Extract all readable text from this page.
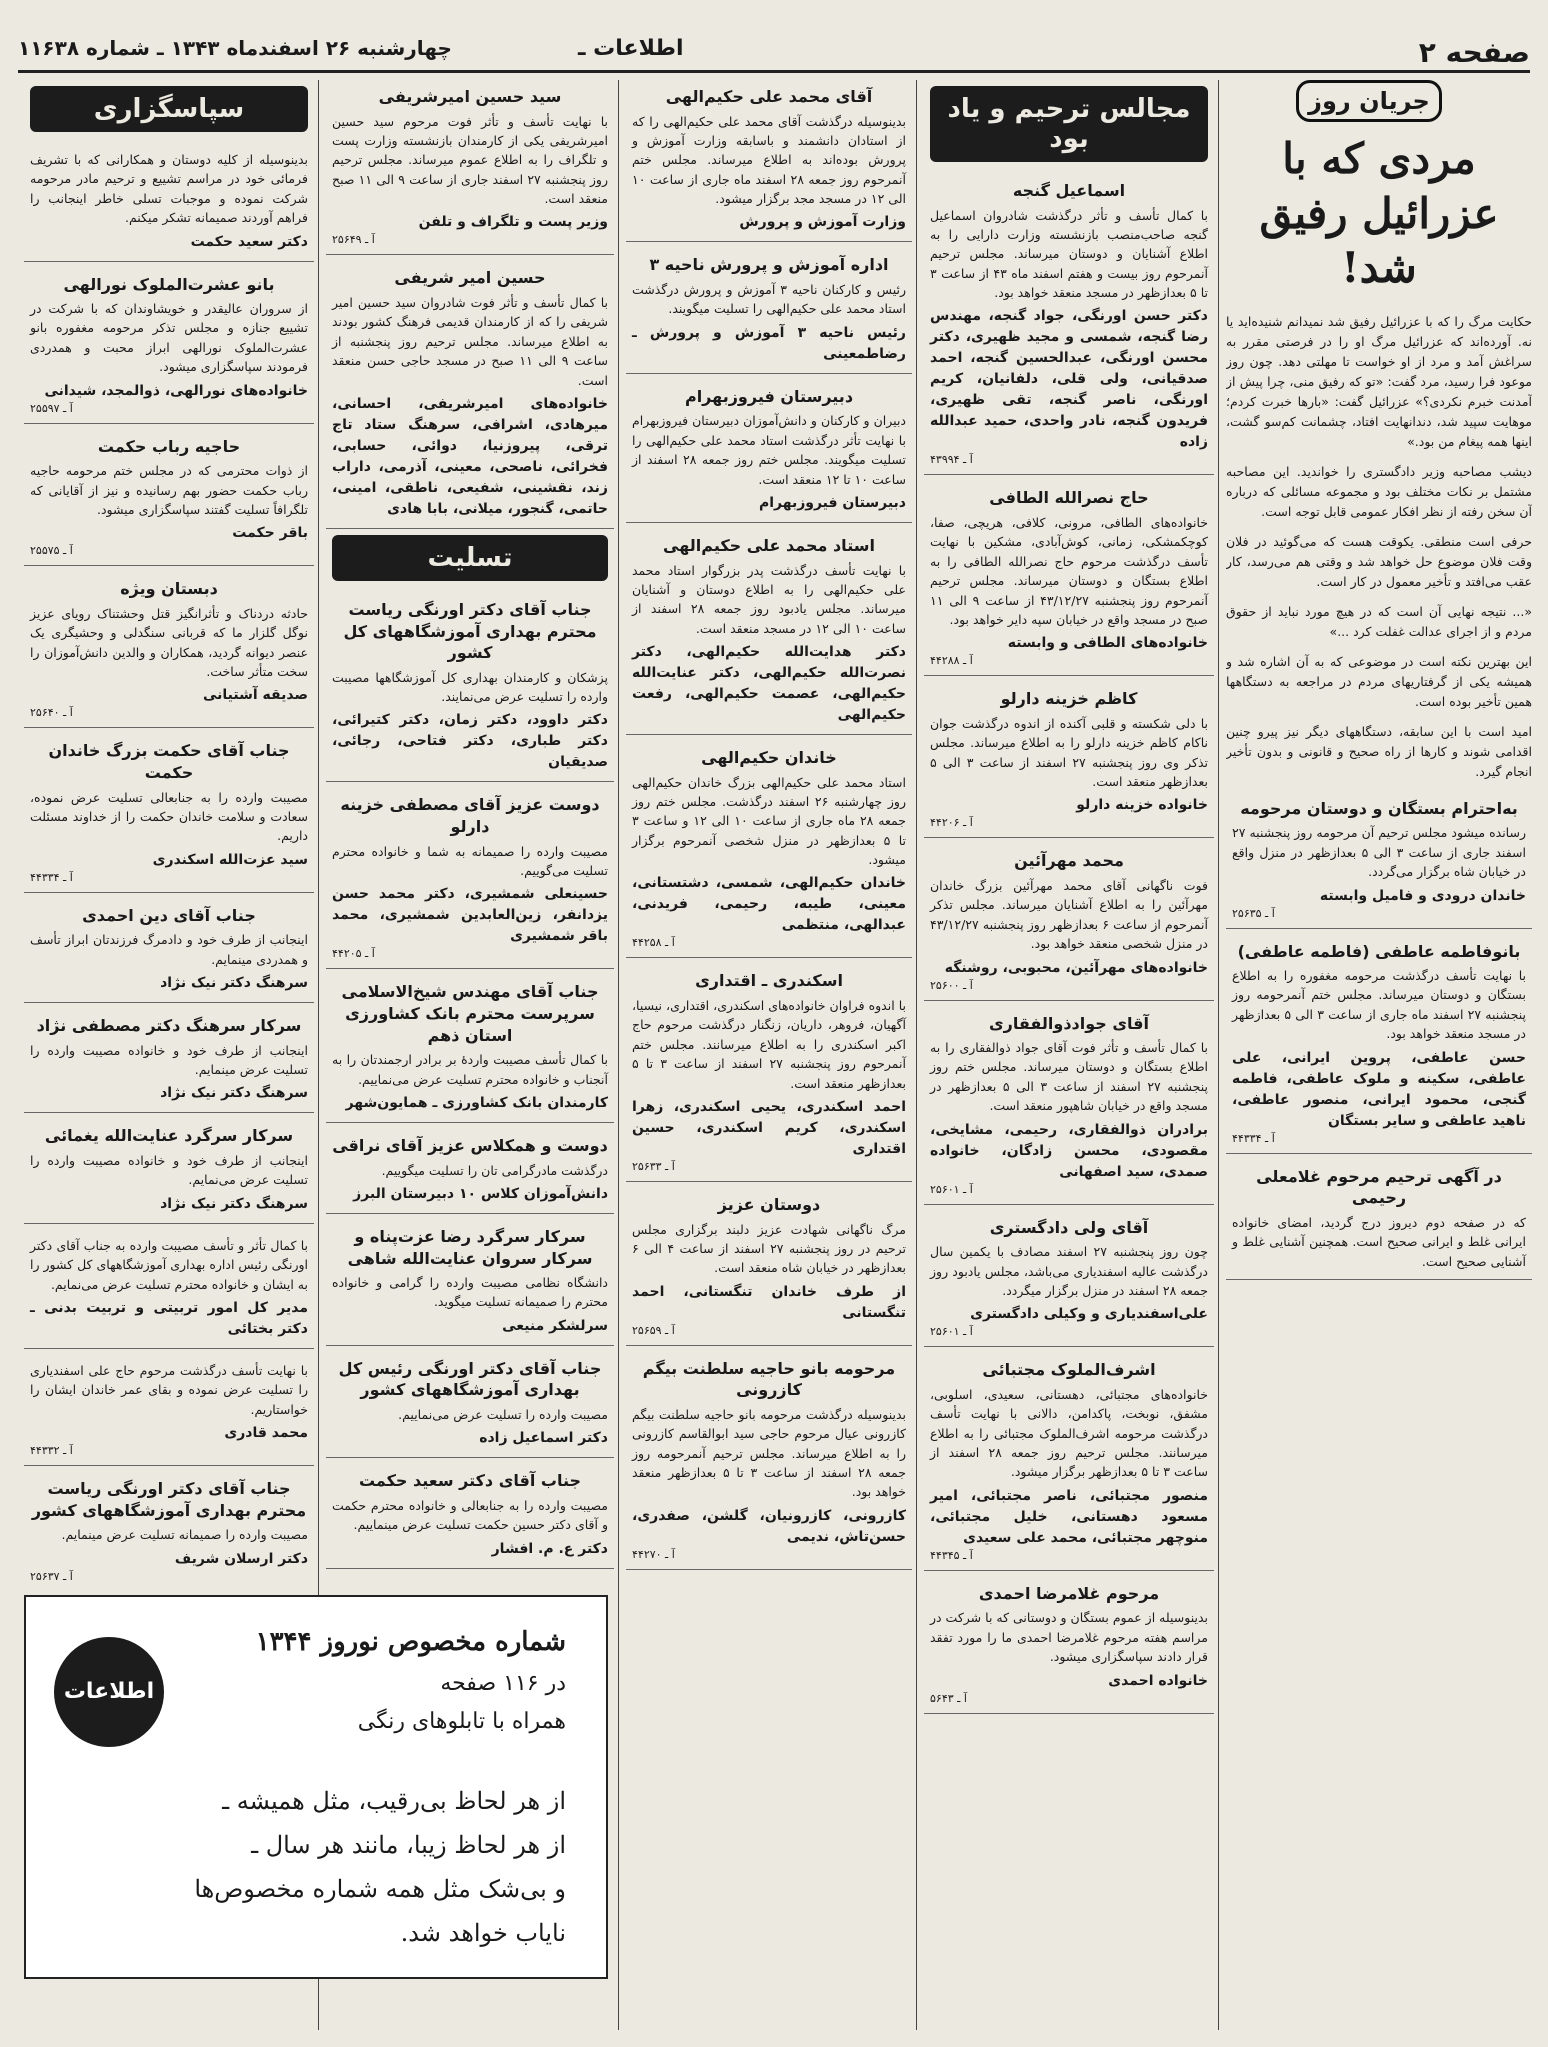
صفحه ۲
اطلاعات ـ
چهارشنبه ۲۶ اسفندماه ۱۳۴۳ ـ شماره ۱۱۶۳۸
جریان روز
مردی که با عزرائیل رفیق شد!

حکایت مرگ را که با عزرائیل رفیق شد نمیدانم شنیده‌اید یا نه. آورده‌اند که عزرائیل مرگ او را در فرصتی مقرر به سراغش آمد و مرد از او خواست تا مهلتی دهد. چون روز موعود فرا رسید، مرد گفت: «تو که رفیق منی، چرا پیش از آمدنت خبرم نکردی؟» عزرائیل گفت: «بارها خبرت کردم؛ موهایت سپید شد، دندانهایت افتاد، چشمانت کم‌سو گشت، اینها همه پیغام من بود.»

دیشب مصاحبه وزیر دادگستری را خواندید. این مصاحبه مشتمل بر نکات مختلف بود و مجموعه مسائلی که درباره آن سخن رفته از نظر افکار عمومی قابل توجه است.

حرفی است منطقی. یکوقت هست که می‌گوئید در فلان وقت فلان موضوع حل خواهد شد و وقتی هم می‌رسد، کار عقب می‌افتد و تأخیر معمول در کار است.

«... نتیجه نهایی آن است که در هیچ مورد نباید از حقوق مردم و از اجرای عدالت غفلت کرد ...»

این بهترین نکته است در موضوعی که به آن اشاره شد و همیشه یکی از گرفتاریهای مردم در مراجعه به دستگاهها همین تأخیر بوده است.

امید است با این سابقه، دستگاههای دیگر نیز پیرو چنین اقدامی شوند و کارها از راه صحیح و قانونی و بدون تأخیر انجام گیرد.

به‌احترام بستگان و دوستان مرحومه
رسانده میشود مجلس ترحیم آن مرحومه روز پنجشنبه ۲۷ اسفند جاری از ساعت ۳ الی ۵ بعدازظهر در منزل واقع در خیابان شاه برگزار می‌گردد.
خاندان درودی و فامیل وابسته
آ ـ ۲۵۶۳۵
بانوفاطمه عاطفی (فاطمه عاطفی)
با نهایت تأسف درگذشت مرحومه مغفوره را به اطلاع بستگان و دوستان میرساند. مجلس ختم آنمرحومه روز پنجشنبه ۲۷ اسفند ماه جاری از ساعت ۳ الی ۵ بعدازظهر در مسجد منعقد خواهد بود.
حسن عاطفی، پروین ایرانی، علی عاطفی، سکینه و ملوک عاطفی، فاطمه گنجی، محمود ایرانی، منصور عاطفی، ناهید عاطفی و سایر بستگان
آ ـ ۴۴۳۳۴
در آگهی ترحیم مرحوم غلامعلی رحیمی
که در صفحه دوم دیروز درج گردید، امضای خانواده ایرانی غلط و ایرانی صحیح است. همچنین آشنایی غلط و آشنایی صحیح است.
مجالس ترحیم و یاد بود
اسماعیل گنجه
با کمال تأسف و تأثر درگذشت شادروان اسماعیل گنجه صاحب‌منصب بازنشسته وزارت دارایی را به اطلاع آشنایان و دوستان میرساند. مجلس ترحیم آنمرحوم روز بیست و هفتم اسفند ماه ۴۳ از ساعت ۳ تا ۵ بعدازظهر در مسجد منعقد خواهد بود.
دکتر حسن اورنگی، جواد گنجه، مهندس رضا گنجه، شمسی و مجید ظهیری، دکتر محسن اورنگی، عبدالحسین گنجه، احمد صدقیانی، ولی قلی، دلفانیان، کریم اورنگی، ناصر گنجه، تقی ظهیری، فریدون گنجه، نادر واحدی، حمید عبدالله زاده
آ ـ ۴۳۹۹۴
حاج نصرالله الطافی
خانواده‌های الطافی، مرونی، کلافی، هریچی، صفا، کوچکمشکی، زمانی، کوش‌آبادی، مشکین با نهایت تأسف درگذشت مرحوم حاج نصرالله الطافی را به اطلاع بستگان و دوستان میرساند. مجلس ترحیم آنمرحوم روز پنجشنبه ۴۳/۱۲/۲۷ از ساعت ۹ الی ۱۱ صبح در مسجد واقع در خیابان سپه دایر خواهد بود.
خانواده‌های الطافی و وابسته
آ ـ ۴۴۲۸۸
کاظم خزینه دارلو
با دلی شکسته و قلبی آکنده از اندوه درگذشت جوان ناکام کاظم خزینه دارلو را به اطلاع میرساند. مجلس تذکر وی روز پنجشنبه ۲۷ اسفند از ساعت ۳ الی ۵ بعدازظهر منعقد است.
خانواده خزینه دارلو
آ ـ ۴۴۲۰۶
محمد مهرآئین
فوت ناگهانی آقای محمد مهرآئین بزرگ خاندان مهرآئین را به اطلاع آشنایان میرساند. مجلس تذکر آنمرحوم از ساعت ۶ بعدازظهر روز پنجشنبه ۴۳/۱۲/۲۷ در منزل شخصی منعقد خواهد بود.
خانواده‌های مهرآئین، محبوبی، روشنگه
آ ـ ۲۵۶۰۰
آقای جوادذوالفقاری
با کمال تأسف و تأثر فوت آقای جواد ذوالفقاری را به اطلاع بستگان و دوستان میرساند. مجلس ختم روز پنجشنبه ۲۷ اسفند از ساعت ۳ الی ۵ بعدازظهر در مسجد واقع در خیابان شاهپور منعقد است.
برادران ذوالفقاری، رحیمی، مشایخی، مقصودی، محسن زادگان، خانواده صمدی، سید اصفهانی
آ ـ ۲۵۶۰۱
آقای ولی دادگستری
چون روز پنجشنبه ۲۷ اسفند مصادف با یکمین سال درگذشت عالیه اسفندیاری می‌باشد، مجلس یادبود روز جمعه ۲۸ اسفند در منزل برگزار میگردد.
علی‌اسفندیاری و وکیلی دادگستری
آ ـ ۲۵۶۰۱
اشرف‌الملوک مجتبائی
خانواده‌های مجتبائی، دهستانی، سعیدی، اسلوبی، مشفق، نوبخت، پاکدامن، دالانی با نهایت تأسف درگذشت مرحومه اشرف‌الملوک مجتبائی را به اطلاع میرسانند. مجلس ترحیم روز جمعه ۲۸ اسفند از ساعت ۳ تا ۵ بعدازظهر برگزار میشود.
منصور مجتبائی، ناصر مجتبائی، امیر مسعود دهستانی، خلیل مجتبائی، منوچهر مجتبائی، محمد علی سعیدی
آ ـ ۴۴۳۴۵
مرحوم غلامرضا احمدی
بدینوسیله از عموم بستگان و دوستانی که با شرکت در مراسم هفته مرحوم غلامرضا احمدی ما را مورد تفقد قرار دادند سپاسگزاری میشود.
خانواده احمدی
آ ـ ۵۶۴۳
آقای محمد علی حکیم‌الهی
بدینوسیله درگذشت آقای محمد علی حکیم‌الهی را که از استادان دانشمند و باسابقه وزارت آموزش و پرورش بوده‌اند به اطلاع میرساند. مجلس ختم آنمرحوم روز جمعه ۲۸ اسفند ماه جاری از ساعت ۱۰ الی ۱۲ در مسجد مجد برگزار میشود.
وزارت آموزش و پرورش
اداره آموزش و پرورش ناحیه ۳
رئیس و کارکنان ناحیه ۳ آموزش و پرورش درگذشت استاد محمد علی حکیم‌الهی را تسلیت میگویند.
رئیس ناحیه ۳ آموزش و پرورش ـ رضاطمعینی
دبیرستان فیروزبهرام
دبیران و کارکنان و دانش‌آموزان دبیرستان فیروزبهرام با نهایت تأثر درگذشت استاد محمد علی حکیم‌الهی را تسلیت میگویند. مجلس ختم روز جمعه ۲۸ اسفند از ساعت ۱۰ تا ۱۲ منعقد است.
دبیرستان فیروزبهرام
استاد محمد علی حکیم‌الهی
با نهایت تأسف درگذشت پدر بزرگوار استاد محمد علی حکیم‌الهی را به اطلاع دوستان و آشنایان میرساند. مجلس یادبود روز جمعه ۲۸ اسفند از ساعت ۱۰ الی ۱۲ در مسجد منعقد است.
دکتر هدایت‌الله حکیم‌الهی، دکتر نصرت‌الله حکیم‌الهی، دکتر عنایت‌الله حکیم‌الهی، عصمت حکیم‌الهی، رفعت حکیم‌الهی
خاندان حکیم‌الهی
استاد محمد علی حکیم‌الهی بزرگ خاندان حکیم‌الهی روز چهارشنبه ۲۶ اسفند درگذشت. مجلس ختم روز جمعه ۲۸ ماه جاری از ساعت ۱۰ الی ۱۲ و ساعت ۳ تا ۵ بعدازظهر در منزل شخصی آنمرحوم برگزار میشود.
خاندان حکیم‌الهی، شمسی، دشتستانی، معینی، طیبه، رحیمی، فریدنی، عبدالهی، منتظمی
آ ـ ۴۴۲۵۸
اسکندری ـ اقتداری
با اندوه فراوان خانواده‌های اسکندری، اقتداری، نیسیا، آگهیان، فروهر، داریان، زنگنار درگذشت مرحوم حاج اکبر اسکندری را به اطلاع میرسانند. مجلس ختم آنمرحوم روز پنجشنبه ۲۷ اسفند از ساعت ۳ تا ۵ بعدازظهر منعقد است.
احمد اسکندری، یحیی اسکندری، زهرا اسکندری، کریم اسکندری، حسین اقتداری
آ ـ ۲۵۶۳۳
دوستان عزیز
مرگ ناگهانی شهادت عزیز دلبند برگزاری مجلس ترحیم در روز پنجشنبه ۲۷ اسفند از ساعت ۴ الی ۶ بعدازظهر در خیابان شاه منعقد است.
از طرف خاندان تنگستانی، احمد تنگستانی
آ ـ ۲۵۶۵۹
مرحومه بانو حاجیه سلطنت بیگم کازرونی
بدینوسیله درگذشت مرحومه بانو حاجیه سلطنت بیگم کازرونی عیال مرحوم حاجی سید ابوالقاسم کازرونی را به اطلاع میرساند. مجلس ترحیم آنمرحومه روز جمعه ۲۸ اسفند از ساعت ۳ تا ۵ بعدازظهر منعقد خواهد بود.
کازرونی، کازرونیان، گلشن، صفدری، حسن‌تاش، ندیمی
آ ـ ۴۴۲۷۰
سید حسین امیرشریفی
با نهایت تأسف و تأثر فوت مرحوم سید حسین امیرشریفی یکی از کارمندان بازنشسته وزارت پست و تلگراف را به اطلاع عموم میرساند. مجلس ترحیم روز پنجشنبه ۲۷ اسفند جاری از ساعت ۹ الی ۱۱ صبح منعقد است.
وزیر پست و تلگراف و تلفن
آ ـ ۲۵۶۴۹
حسین امیر شریفی
با کمال تأسف و تأثر فوت شادروان سید حسین امیر شریفی را که از کارمندان قدیمی فرهنگ کشور بودند به اطلاع میرساند. مجلس ترحیم روز پنجشنبه از ساعت ۹ الی ۱۱ صبح در مسجد حاجی حسن منعقد است.
خانواده‌های امیرشریفی، احسانی، میرهادی، اشرافی، سرهنگ ستاد تاج ترقی، پیروزنیا، دوائی، حسابی، فخرائی، ناصحی، معینی، آذرمی، داراب زند، نقشینی، شفیعی، ناطقی، امینی، حاتمی، گنجور، میلانی، بابا هادی
تسلیت
جناب آقای دکتر اورنگی ریاست محترم بهداری آموزشگاههای کل کشور
پزشکان و کارمندان بهداری کل آموزشگاهها مصیبت وارده را تسلیت عرض می‌نمایند.
دکتر داوود، دکتر زمان، دکتر کتیرائی، دکتر طباری، دکتر فتاحی، رجائی، صدیقیان
دوست عزیز آقای مصطفی خزینه دارلو
مصیبت وارده را صمیمانه به شما و خانواده محترم تسلیت می‌گوییم.
حسینعلی شمشیری، دکتر محمد حسن یزدانفر، زین‌العابدین شمشیری، محمد باقر شمشیری
آ ـ ۴۴۲۰۵
جناب آقای مهندس شیخ‌الاسلامی سرپرست محترم بانک کشاورزی استان ذهم
با کمال تأسف مصیبت واردهٔ بر برادر ارجمندتان را به آنجناب و خانواده محترم تسلیت عرض می‌نماییم.
کارمندان بانک کشاورزی ـ همایون‌شهر
دوست و همکلاس عزیز آقای نراقی
درگذشت مادرگرامی تان را تسلیت میگوییم.
دانش‌آموزان کلاس ۱۰ دبیرستان البرز
سرکار سرگرد رضا عزت‌پناه و سرکار سروان عنایت‌الله شاهی
دانشگاه نظامی مصیبت وارده را گرامی و خانواده محترم را صمیمانه تسلیت میگوید.
سرلشکر منیعی
جناب آقای دکتر اورنگی رئیس کل بهداری آموزشگاههای کشور
مصیبت وارده را تسلیت عرض می‌نماییم.
دکتر اسماعیل زاده
جناب آقای دکتر سعید حکمت
مصیبت وارده را به جنابعالی و خانواده محترم حکمت و آقای دکتر حسین حکمت تسلیت عرض مینماییم.
دکتر ع. م. افشار
سپاسگزاری
بدینوسیله از کلیه دوستان و همکارانی که با تشریف فرمائی خود در مراسم تشییع و ترحیم مادر مرحومه شرکت نموده و موجبات تسلی خاطر اینجانب را فراهم آوردند صمیمانه تشکر میکنم.
دکتر سعید حکمت
بانو عشرت‌الملوک نورالهی
از سروران عالیقدر و خویشاوندان که با شرکت در تشییع جنازه و مجلس تذکر مرحومه مغفوره بانو عشرت‌الملوک نورالهی ابراز محبت و همدردی فرمودند سپاسگزاری میشود.
خانواده‌های نورالهی، ذوالمجد، شیدانی
آ ـ ۲۵۵۹۷
حاجیه رباب حکمت
از ذوات محترمی که در مجلس ختم مرحومه حاجیه رباب حکمت حضور بهم رسانیده و نیز از آقایانی که تلگرافاً تسلیت گفتند سپاسگزاری میشود.
باقر حکمت
آ ـ ۲۵۵۷۵
دبستان ویژه
حادثه دردناک و تأثرانگیز قتل وحشتناک رویای عزیز نوگل گلزار ما که قربانی سنگدلی و وحشیگری یک عنصر دیوانه گردید، همکاران و والدین دانش‌آموزان را سخت متأثر ساخت.
صدیقه آشتیانی
آ ـ ۲۵۶۴۰
جناب آقای حکمت بزرگ خاندان حکمت
مصیبت وارده را به جنابعالی تسلیت عرض نموده، سعادت و سلامت خاندان حکمت را از خداوند مسئلت داریم.
سید عزت‌الله اسکندری
آ ـ ۴۴۳۳۴
جناب آقای دین احمدی
اینجانب از طرف خود و دادمرگ فرزندتان ابراز تأسف و همدردی مینمایم.
سرهنگ دکتر نیک نژاد
سرکار سرهنگ دکتر مصطفی نژاد
اینجانب از طرف خود و خانواده مصیبت وارده را تسلیت عرض مینمایم.
سرهنگ دکتر نیک نژاد
سرکار سرگرد عنایت‌الله یغمائی
اینجانب از طرف خود و خانواده مصیبت وارده را تسلیت عرض می‌نمایم.
سرهنگ دکتر نیک نژاد
با کمال تأثر و تأسف مصیبت وارده به جناب آقای دکتر اورنگی رئیس اداره بهداری آموزشگاههای کل کشور را به ایشان و خانواده محترم تسلیت عرض می‌نمایم.
مدیر کل امور تربیتی و تربیت بدنی ـ دکتر بختائی
با نهایت تأسف درگذشت مرحوم حاج علی اسفندیاری را تسلیت عرض نموده و بقای عمر خاندان ایشان را خواستاریم.
محمد قادری
آ ـ ۴۴۳۳۲
جناب آقای دکتر اورنگی ریاست محترم بهداری آموزشگاههای کشور
مصیبت وارده را صمیمانه تسلیت عرض مینمایم.
دکتر ارسلان شریف
آ ـ ۲۵۶۳۷
اطلاعات هفتگی
شماره مخصوص نوروز ۱۳۴۴
در ۱۱۶ صفحه
همراه با تابلوهای رنگی
از هر لحاظ بی‌رقیب، مثل همیشه ـ
از هر لحاظ زیبا، مانند هر سال ـ
و بی‌شک مثل همه شماره مخصوص‌ها
نایاب خواهد شد.
